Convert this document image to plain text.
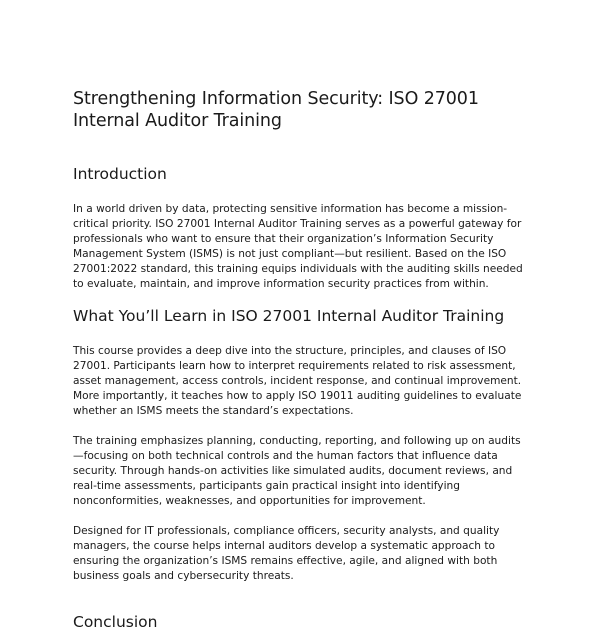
Strengthening Information Security: ISO 27001 Internal Auditor Training
Introduction

In a world driven by data, protecting sensitive information has become a mission-critical priority. ISO 27001 Internal Auditor Training serves as a powerful gateway for professionals who want to ensure that their organization’s Information Security Management System (ISMS) is not just compliant—but resilient. Based on the ISO 27001:2022 standard, this training equips individuals with the auditing skills needed to evaluate, maintain, and improve information security practices from within.

What You’ll Learn in ISO 27001 Internal Auditor Training

This course provides a deep dive into the structure, principles, and clauses of ISO 27001. Participants learn how to interpret requirements related to risk assessment, asset management, access controls, incident response, and continual improvement. More importantly, it teaches how to apply ISO 19011 auditing guidelines to evaluate whether an ISMS meets the standard’s expectations.

The training emphasizes planning, conducting, reporting, and following up on audits—focusing on both technical controls and the human factors that influence data security. Through hands-on activities like simulated audits, document reviews, and real-time assessments, participants gain practical insight into identifying nonconformities, weaknesses, and opportunities for improvement.

Designed for IT professionals, compliance officers, security analysts, and quality managers, the course helps internal auditors develop a systematic approach to ensuring the organization’s ISMS remains effective, agile, and aligned with both business goals and cybersecurity threats.

Conclusion
